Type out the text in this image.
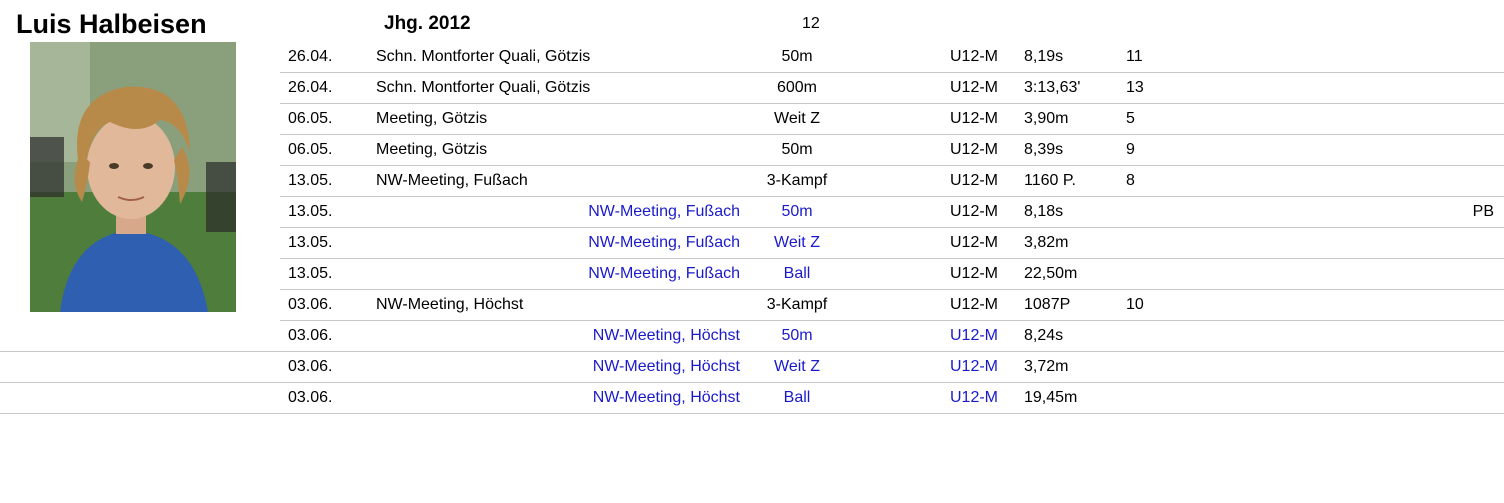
Luis Halbeisen	Jhg. 2012	12
	26.04.	Schn. Montforter Quali, Götzis	50m	U12-M	8,19s	11	
	26.04.	Schn. Montforter Quali, Götzis	600m	U12-M	3:13,63'	13	
	06.05.	Meeting, Götzis	Weit Z	U12-M	3,90m	5	
	06.05.	Meeting, Götzis	50m	U12-M	8,39s	9	
	13.05.	NW-Meeting, Fußach	3-Kampf	U12-M	1160 P.	8	
	13.05.	NW-Meeting, Fußach	50m	U12-M	8,18s		PB
	13.05.	NW-Meeting, Fußach	Weit Z	U12-M	3,82m		
	13.05.	NW-Meeting, Fußach	Ball	U12-M	22,50m		
	03.06.	NW-Meeting, Höchst	3-Kampf	U12-M	1087P	10	
	03.06.	NW-Meeting, Höchst	50m	U12-M	8,24s		
	03.06.	NW-Meeting, Höchst	Weit Z	U12-M	3,72m		
	03.06.	NW-Meeting, Höchst	Ball	U12-M	19,45m		
